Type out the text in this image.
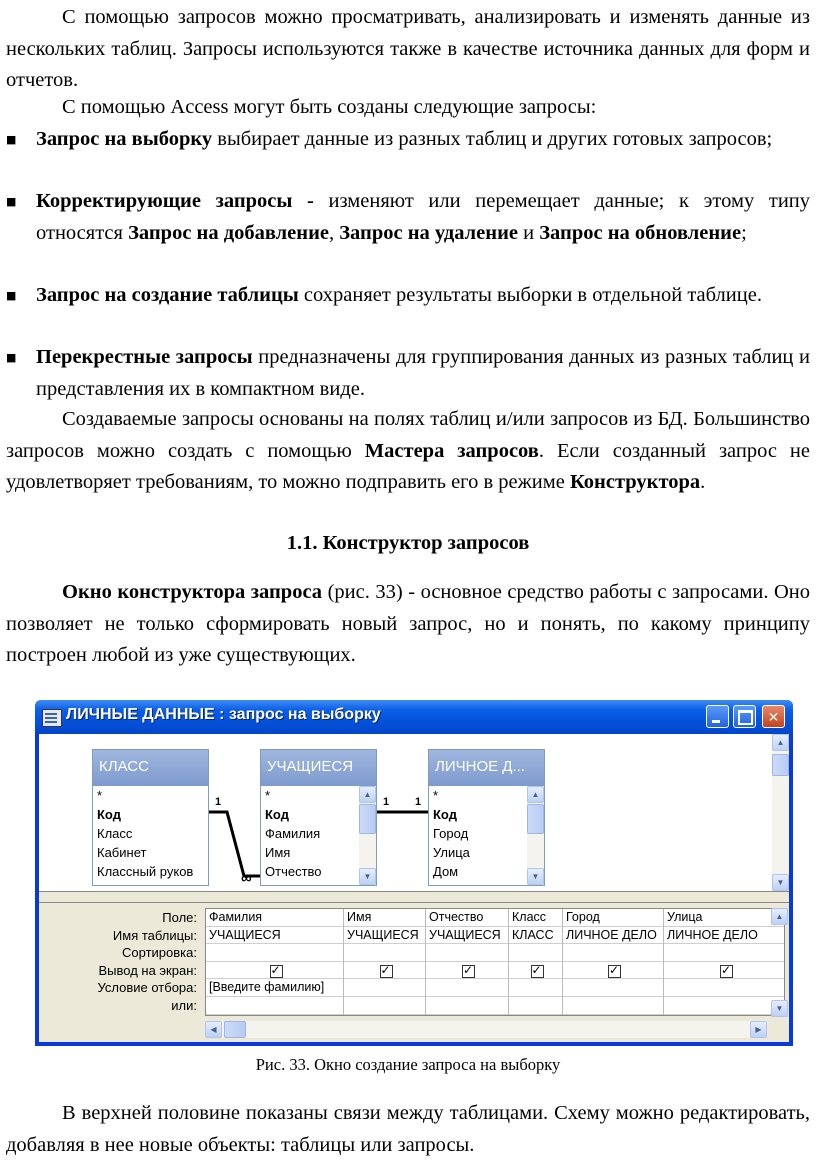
С помощью запросов можно просматривать, анализировать и изменять данные из нескольких таблиц. Запросы используются также в качестве источника данных для форм и отчетов.
С помощью Access могут быть созданы следующие запросы:
■ Запрос на выборку выбирает данные из разных таблиц и других готовых запросов;
■ Корректирующие запросы - изменяют или перемещает данные; к этому типу относятся Запрос на добавление, Запрос на удаление и Запрос на обновление;
■ Запрос на создание таблицы сохраняет результаты выборки в отдельной таблице.
■ Перекрестные запросы предназначены для группирования данных из разных таблиц и представления их в компактном виде.
Создаваемые запросы основаны на полях таблиц и/или запросов из БД. Большинство запросов можно создать с помощью Мастера запросов. Если созданный запрос не удовлетворяет требованиям, то можно подправить его в режиме Конструктора.
1.1. Конструктор запросов
Окно конструктора запроса (рис. 33) - основное средство работы с запросами. Оно позволяет не только сформировать новый запрос, но и понять, по какому принципу построен любой из уже существующих.
ЛИЧНЫЕ ДАННЫЕ : запрос на выборку	✕
КЛАСС
*
Код
Класс
Кабинет
Классный руков
УЧАЩИЕСЯ
*
Код
Фамилия
Имя
Отчество
▲
▼
ЛИЧНОЕ Д...
*
Код
Город
Улица
Дом
▲
▼
1
∞
1 1
▲
▼
Поле:
Имя таблицы:
Сортировка:
Вывод на экран:
Условие отбора:
или:
Фамилия
УЧАЩИЕСЯ
✓
[Введите фамилию]
Имя
УЧАЩИЕСЯ
✓
Отчество
УЧАЩИЕСЯ
✓
Класс
КЛАСС
✓
Город
ЛИЧНОЕ ДЕЛО
✓
Улица
ЛИЧНОЕ ДЕЛО
✓
▲
▼
◀	▶
Рис. 33. Окно создание запроса на выборку
В верхней половине показаны связи между таблицами. Схему можно редактировать, добавляя в нее новые объекты: таблицы или запросы.
